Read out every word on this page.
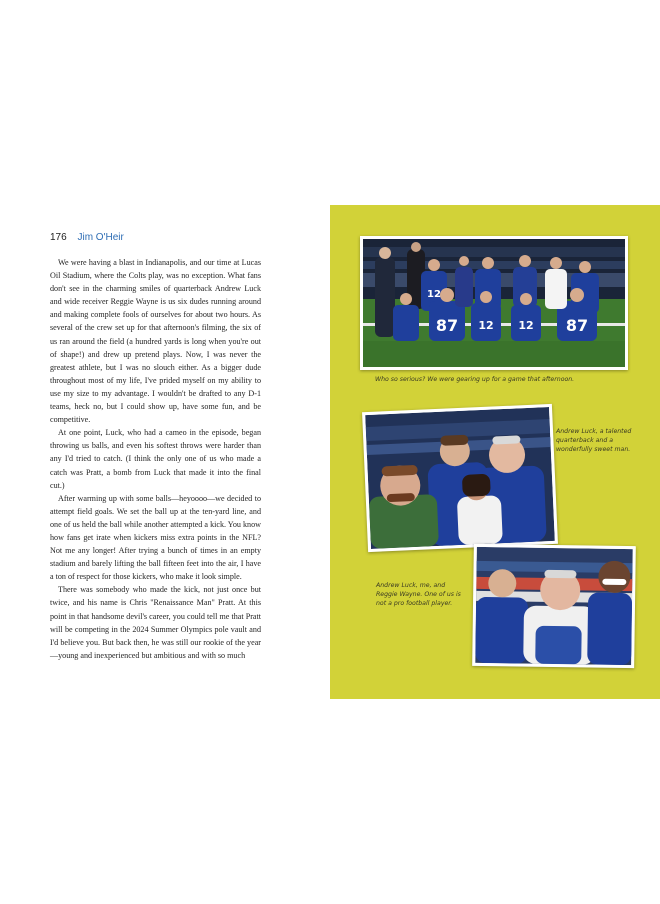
176 Jim O'Heir

We were having a blast in Indianapolis, and our time at Lucas Oil Stadium, where the Colts play, was no exception. What fans don't see in the charming smiles of quarterback Andrew Luck and wide receiver Reggie Wayne is us six dudes running around and making complete fools of ourselves for about two hours. As several of the crew set up for that afternoon's filming, the six of us ran around the field (a hundred yards is long when you're out of shape!) and drew up pretend plays. Now, I was never the greatest athlete, but I was no slouch either. As a bigger dude throughout most of my life, I've prided myself on my ability to use my size to my advantage. I wouldn't be drafted to any D-1 teams, heck no, but I could show up, have some fun, and be competitive.

At one point, Luck, who had a cameo in the episode, began throwing us balls, and even his softest throws were harder than any I'd tried to catch. (I think the only one of us who made a catch was Pratt, a bomb from Luck that made it into the final cut.)

After warming up with some balls—heyoooo—we decided to attempt field goals. We set the ball up at the ten-yard line, and one of us held the ball while another attempted a kick. You know how fans get irate when kickers miss extra points in the NFL? Not me any longer! After trying a bunch of times in an empty stadium and barely lifting the ball fifteen feet into the air, I have a ton of respect for those kickers, who make it look simple.

There was somebody who made the kick, not just once but twice, and his name is Chris "Renaissance Man" Pratt. At this point in that handsome devil's career, you could tell me that Pratt will be competing in the 2024 Summer Olympics pole vault and I'd believe you. But back then, he was still our rookie of the year—young and inexperienced but ambitious and with so much

12
87 12 12 87
Who so serious? We were gearing up for a game that afternoon.
Andrew Luck, a talented quarterback and a wonderfully sweet man.
Andrew Luck, me, and Reggie Wayne. One of us is not a pro football player.
